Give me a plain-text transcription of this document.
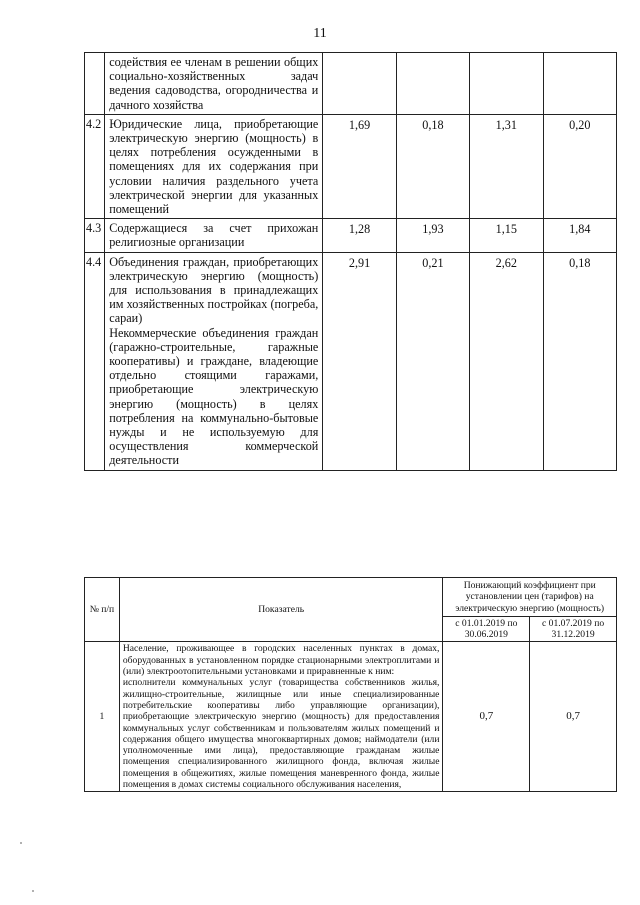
11

	содействия ее членам в решении общих социально-хозяйственных задач ведения садоводства, огородничества и дачного хозяйства				

4.2	Юридические лица, приобретающие электрическую энергию (мощность) в целях потребления осужденными в помещениях для их содержания при условии наличия раздельного учета электрической энергии для указанных помещений	1,69	0,18	1,31	0,20
4.3	Содержащиеся за счет прихожан религиозные организации	1,28	1,93	1,15	1,84
4.4	Объединения граждан, приобретающих электрическую энергию (мощность) для использования в принадлежащих им хозяйственных постройках (погреба, сараи)
Некоммерческие объединения граждан (гаражно-строительные, гаражные кооперативы) и граждане, владеющие отдельно стоящими гаражами, приобретающие электрическую энергию (мощность) в целях потребления на коммунально-бытовые нужды и не используемую для осуществления коммерческой деятельности	2,91	0,21	2,62	0,18
№ п/п	Показатель	Понижающий коэффициент при установлении цен (тарифов) на электрическую энергию (мощность)	
		с 01.01.2019 по 30.06.2019	с 01.07.2019 по 31.12.2019
1	Население, проживающее в городских населенных пунктах в домах, оборудованных в установленном порядке стационарными электроплитами и (или) электроотопительными установками и приравненные к ним:
исполнители коммунальных услуг (товарищества собственников жилья, жилищно-строительные, жилищные или иные специализированные потребительские кооперативы либо управляющие организации), приобретающие электрическую энергию (мощность) для предоставления коммунальных услуг собственникам и пользователям жилых помещений и содержания общего имущества многоквартирных домов; наймодатели (или уполномоченные ими лица), предоставляющие гражданам жилые помещения специализированного жилищного фонда, включая жилые помещения в общежитиях, жилые помещения маневренного фонда, жилые помещения в домах системы социального обслуживания населения,	0,7	0,7
